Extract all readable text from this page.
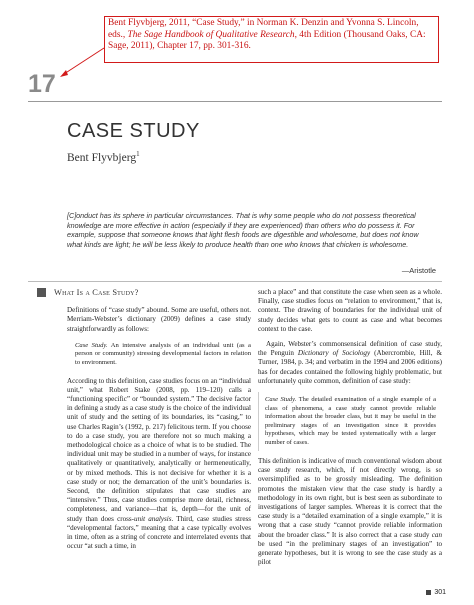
Bent Flyvbjerg, 2011, “Case Study,” in Norman K. Denzin and Yvonna S. Lincoln, eds., The Sage Handbook of Qualitative Research, 4th Edition (Thousand Oaks, CA: Sage, 2011), Chapter 17, pp. 301-316.
17
CASE STUDY
Bent Flyvbjerg$^1$
[C]onduct has its sphere in particular circumstances. That is why some people who do not possess theoretical knowledge are more effective in action (especially if they are experienced) than others who do possess it. For example, suppose that someone knows that light flesh foods are digestible and wholesome, but does not know what kinds are light; he will be less likely to produce health than one who knows that chicken is wholesome.
—Aristotle
What Is a Case Study?

Definitions of “case study” abound. Some are useful, others not. Merriam-Webster’s dictionary (2009) defines a case study straightforwardly as follows:

Case Study. An intensive analysis of an individual unit (as a person or community) stressing developmental factors in relation to environment.

According to this definition, case studies focus on an “individual unit,” what Robert Stake (2008, pp. 119–120) calls a “functioning specific” or “bounded system.” The decisive factor in defining a study as a case study is the choice of the individual unit of study and the setting of its boundaries, its “casing,” to use Charles Ragin’s (1992, p. 217) felicitous term. If you choose to do a case study, you are therefore not so much making a methodological choice as a choice of what is to be studied. The individual unit may be studied in a number of ways, for instance qualitatively or quantitatively, analytically or hermeneutically, or by mixed methods. This is not decisive for whether it is a case study or not; the demarcation of the unit’s boundaries is. Second, the definition stipulates that case studies are “intensive.” Thus, case studies comprise more detail, richness, completeness, and variance—that is, depth—for the unit of study than does cross-unit analysis. Third, case studies stress “developmental factors,” meaning that a case typically evolves in time, often as a string of concrete and interrelated events that occur “at such a time, in

such a place” and that constitute the case when seen as a whole. Finally, case studies focus on “relation to environment,” that is, context. The drawing of boundaries for the individual unit of study decides what gets to count as case and what becomes context to the case.

Again, Webster’s commonsensical definition of case study, the Penguin Dictionary of Sociology (Abercrombie, Hill, & Turner, 1984, p. 34; and verbatim in the 1994 and 2006 editions) has for decades contained the following highly problematic, but unfortunately quite common, definition of case study:

Case Study. The detailed examination of a single example of a class of phenomena, a case study cannot provide reliable information about the broader class, but it may be useful in the preliminary stages of an investigation since it provides hypotheses, which may be tested systematically with a larger number of cases.

This definition is indicative of much conventional wisdom about case study research, which, if not directly wrong, is so oversimplified as to be grossly misleading. The definition promotes the mistaken view that the case study is hardly a methodology in its own right, but is best seen as subordinate to investigations of larger samples. Whereas it is correct that the case study is a “detailed examination of a single example,” it is wrong that a case study “cannot provide reliable information about the broader class.” It is also correct that a case study can be used “in the preliminary stages of an investigation” to generate hypotheses, but it is wrong to see the case study as a pilot

301
